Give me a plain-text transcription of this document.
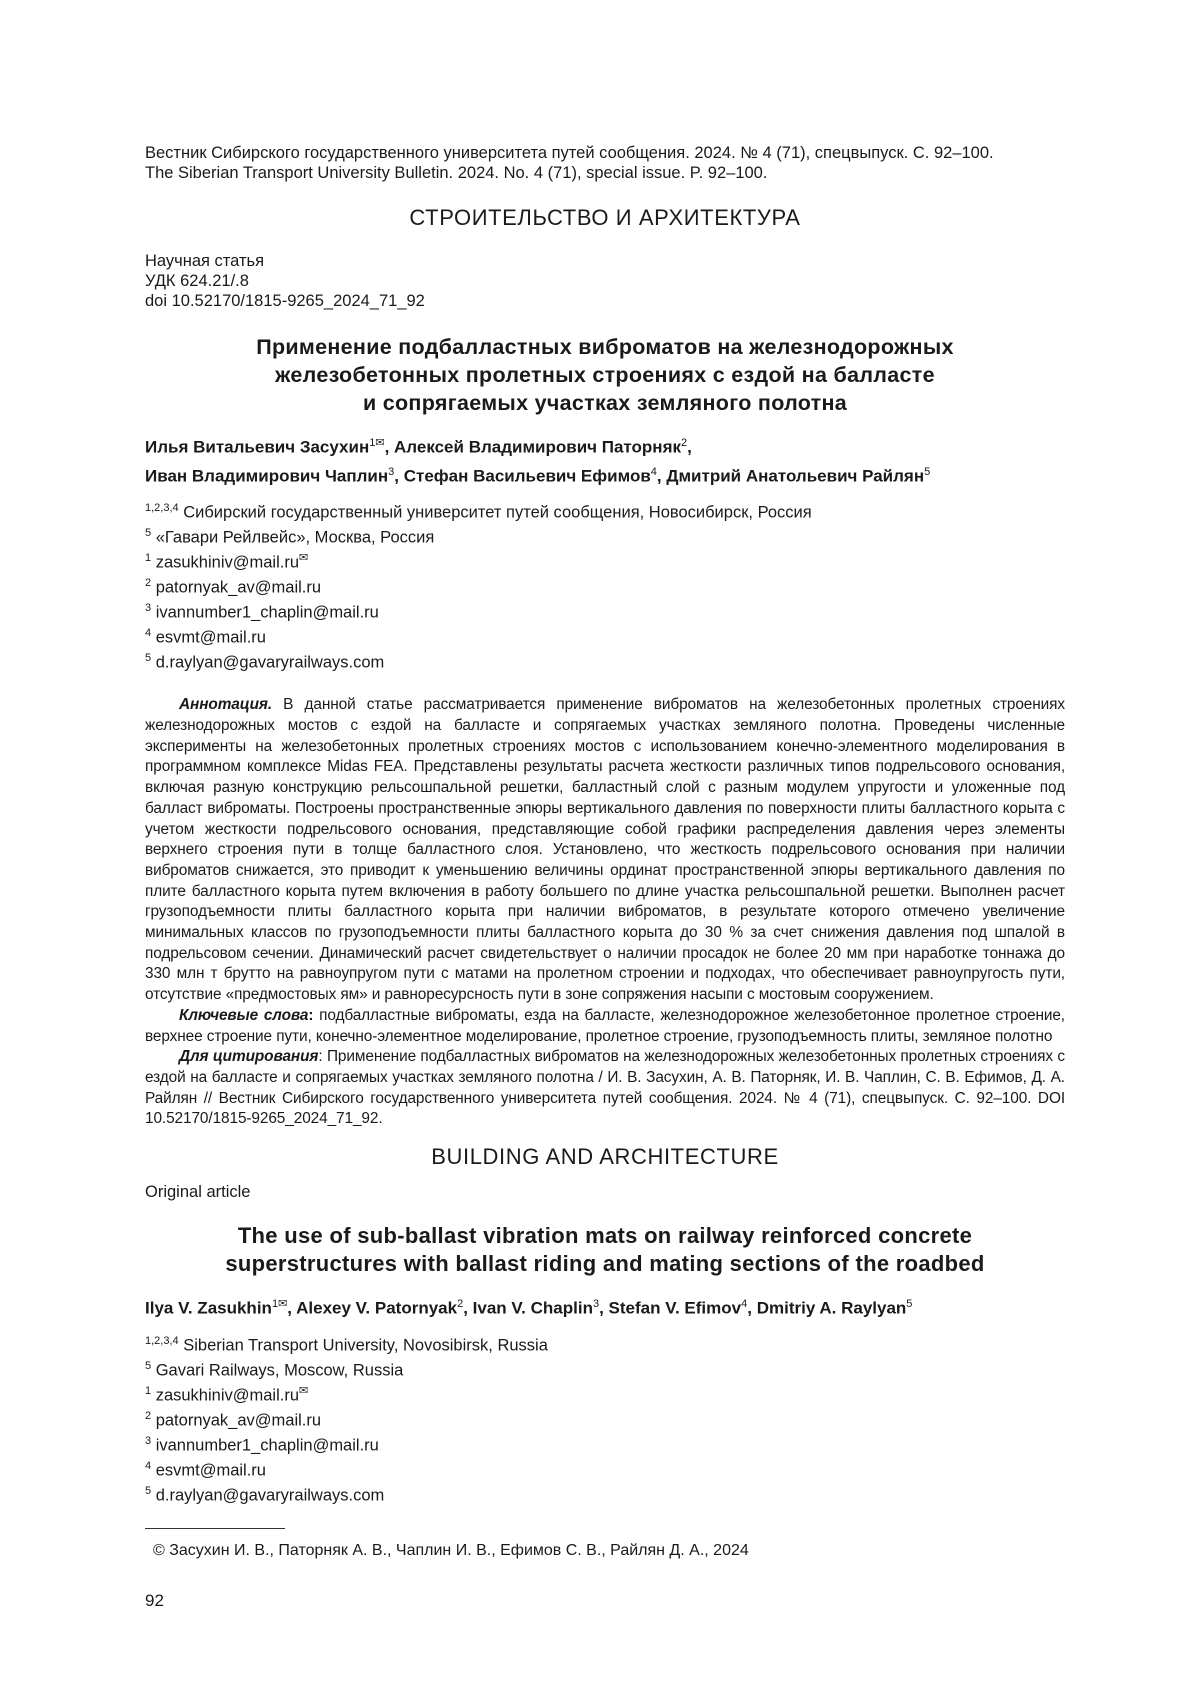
Вестник Сибирского государственного университета путей сообщения. 2024. № 4 (71), спецвыпуск. С. 92–100.
The Siberian Transport University Bulletin. 2024. No. 4 (71), special issue. P. 92–100.
СТРОИТЕЛЬСТВО И АРХИТЕКТУРА
Научная статья
УДК 624.21/.8
doi 10.52170/1815-9265_2024_71_92
Применение подбалластных виброматов на железнодорожных
железобетонных пролетных строениях с ездой на балласте
и сопрягаемых участках земляного полотна
Илья Витальевич Засухин$^1$✉, Алексей Владимирович Паторняк$^2$,
Иван Владимирович Чаплин$^3$, Стефан Васильевич Ефимов$^4$, Дмитрий Анатольевич Райлян$^5$
$^{1,2,3,4}$ Сибирский государственный университет путей сообщения, Новосибирск, Россия
$^5$ «Гавари Рейлвейс», Москва, Россия
$^1$ zasukhiniv@mail.ru✉
$^2$ patornyak_av@mail.ru
$^3$ ivannumber1_chaplin@mail.ru
$^4$ esvmt@mail.ru
$^5$ d.raylyan@gavaryrailways.com

Аннотация. В данной статье рассматривается применение виброматов на железобетонных пролетных строениях железнодорожных мостов с ездой на балласте и сопрягаемых участках земляного полотна. Проведены численные эксперименты на железобетонных пролетных строениях мостов с использованием конечно-элементного моделирования в программном комплексе Midas FEA. Представлены результаты расчета жесткости различных типов подрельсового основания, включая разную конструкцию рельсошпальной решетки, балластный слой с разным модулем упругости и уложенные под балласт виброматы. Построены пространственные эпюры вертикального давления по поверхности плиты балластного корыта с учетом жесткости подрельсового основания, представляющие собой графики распределения давления через элементы верхнего строения пути в толще балластного слоя. Установлено, что жесткость подрельсового основания при наличии виброматов снижается, это приводит к уменьшению величины ординат пространственной эпюры вертикального давления по плите балластного корыта путем включения в работу большего по длине участка рельсошпальной решетки. Выполнен расчет грузоподъемности плиты балластного корыта при наличии виброматов, в результате которого отмечено увеличение минимальных классов по грузоподъемности плиты балластного корыта до 30 % за счет снижения давления под шпалой в подрельсовом сечении. Динамический расчет свидетельствует о наличии просадок не более 20 мм при наработке тоннажа до 330 млн т брутто на равноупругом пути с матами на пролетном строении и подходах, что обеспечивает равноупругость пути, отсутствие «предмостовых ям» и равноресурсность пути в зоне сопряжения насыпи с мостовым сооружением.

Ключевые слова: подбалластные виброматы, езда на балласте, железнодорожное железобетонное пролетное строение, верхнее строение пути, конечно-элементное моделирование, пролетное строение, грузоподъемность плиты, земляное полотно

Для цитирования: Применение подбалластных виброматов на железнодорожных железобетонных пролетных строениях с ездой на балласте и сопрягаемых участках земляного полотна / И. В. Засухин, А. В. Паторняк, И. В. Чаплин, С. В. Ефимов, Д. А. Райлян // Вестник Сибирского государственного университета путей сообщения. 2024. № 4 (71), спецвыпуск. С. 92–100. DOI 10.52170/1815-9265_2024_71_92.

BUILDING AND ARCHITECTURE
Original article
The use of sub-ballast vibration mats on railway reinforced concrete
superstructures with ballast riding and mating sections of the roadbed
Ilya V. Zasukhin$^1$✉, Alexey V. Patornyak$^2$, Ivan V. Chaplin$^3$, Stefan V. Efimov$^4$, Dmitriy A. Raylyan$^5$
$^{1,2,3,4}$ Siberian Transport University, Novosibirsk, Russia
$^5$ Gavari Railways, Moscow, Russia
$^1$ zasukhiniv@mail.ru✉
$^2$ patornyak_av@mail.ru
$^3$ ivannumber1_chaplin@mail.ru
$^4$ esvmt@mail.ru
$^5$ d.raylyan@gavaryrailways.com
© Засухин И. В., Паторняк А. В., Чаплин И. В., Ефимов С. В., Райлян Д. А., 2024
92
